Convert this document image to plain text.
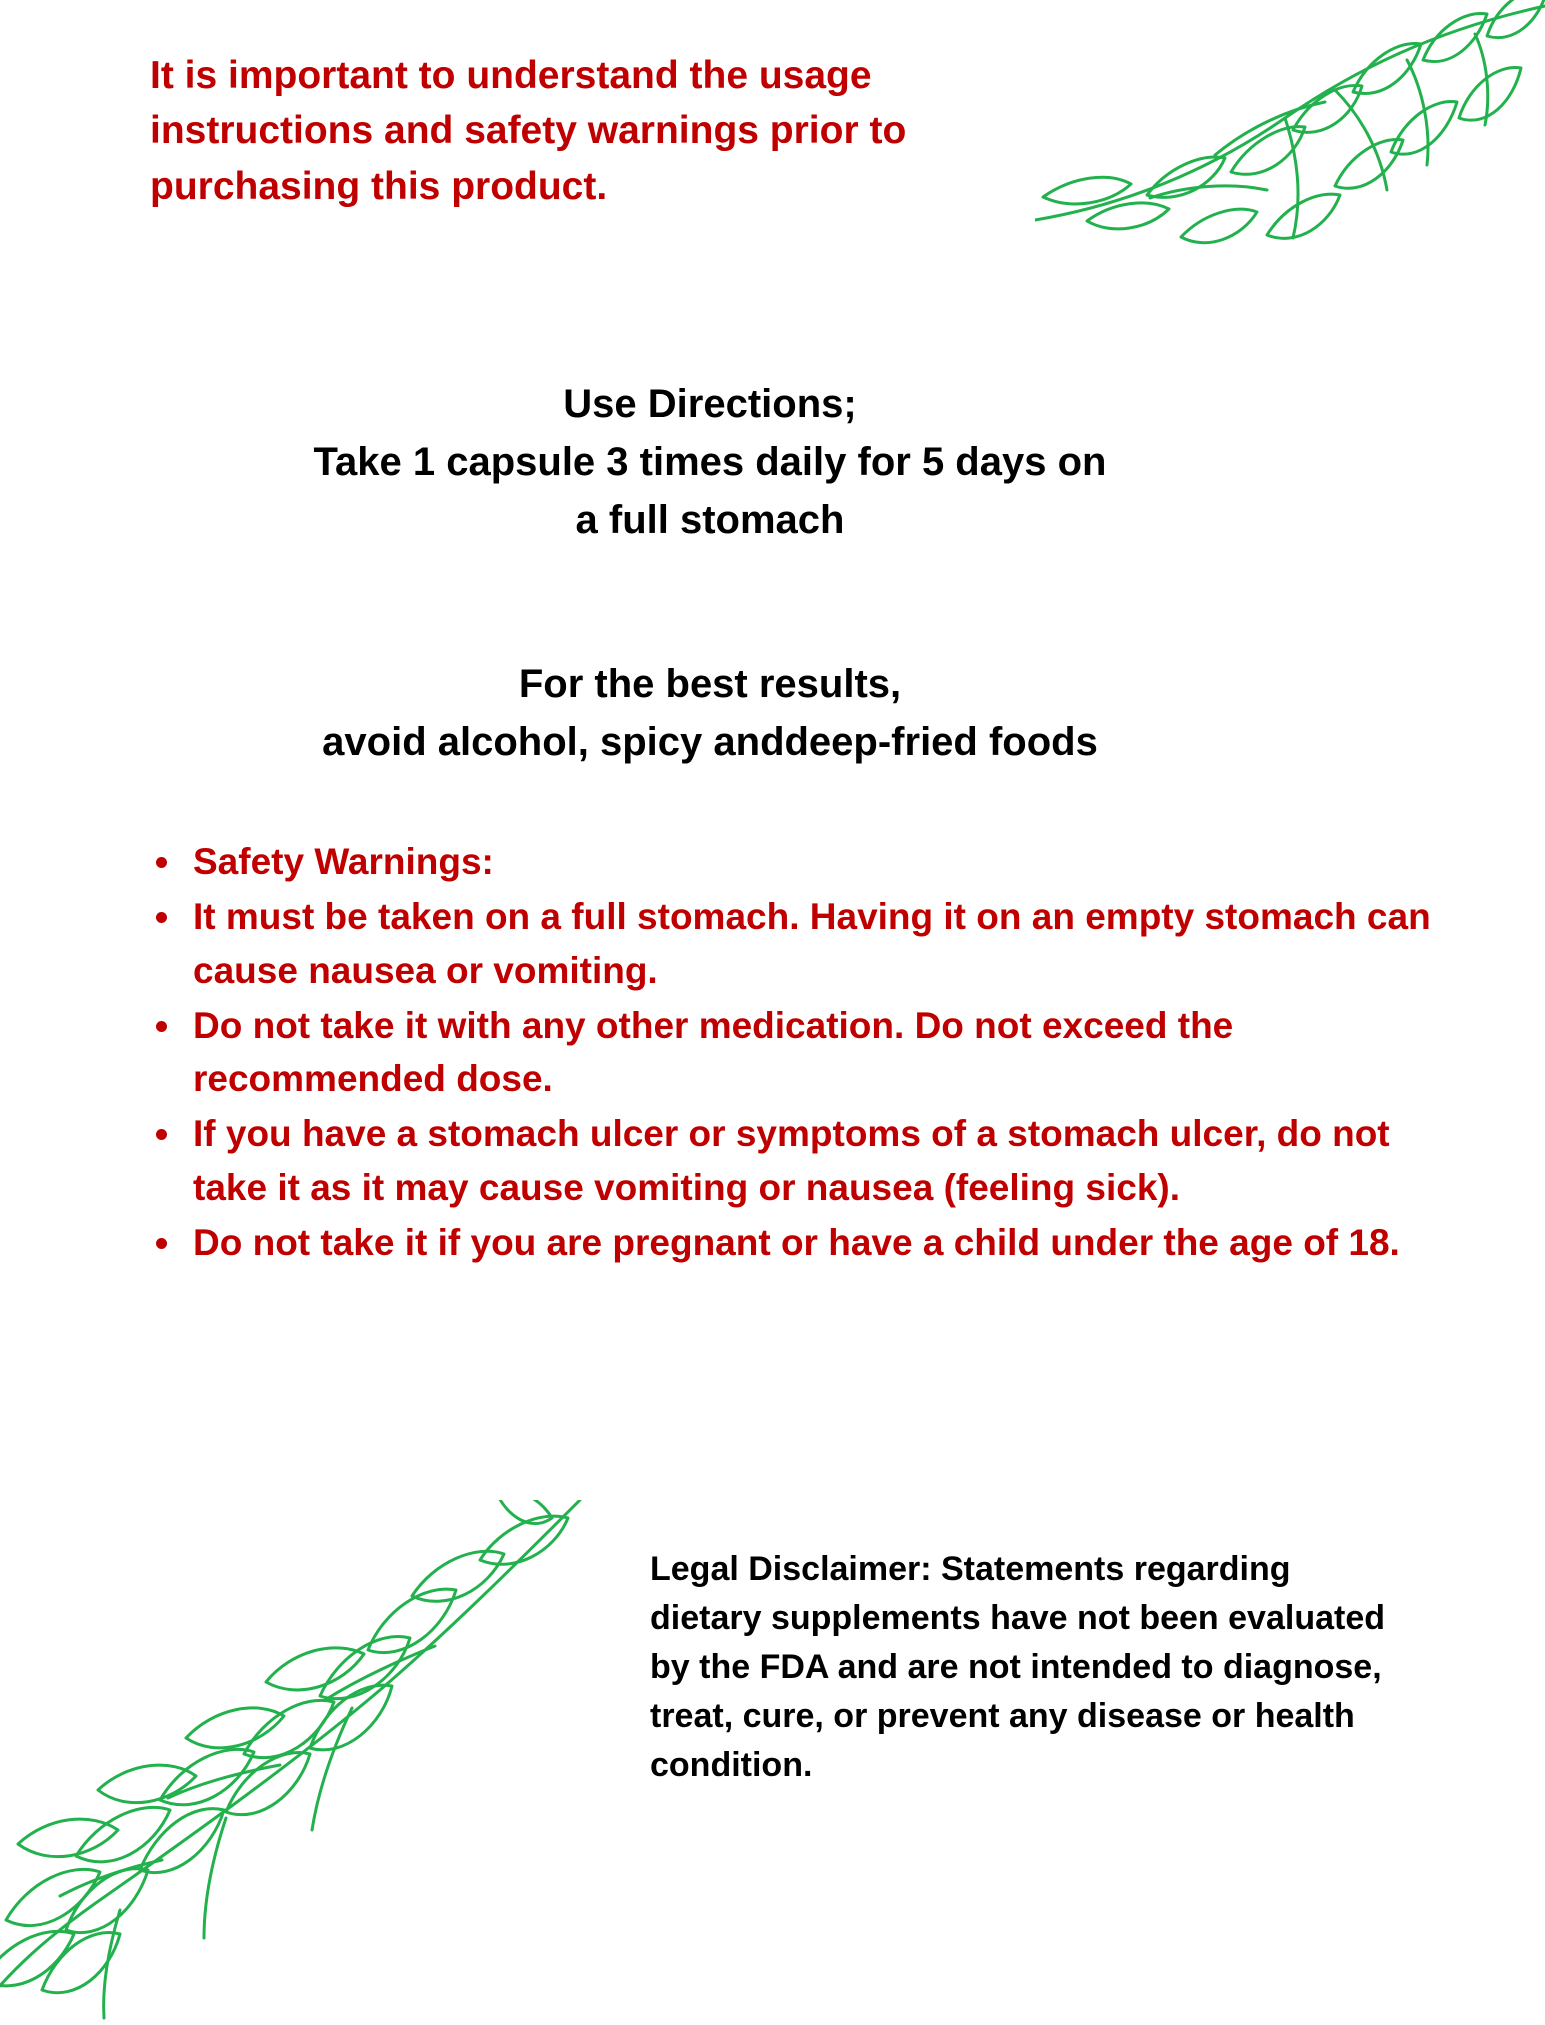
It is important to understand the usage instructions and safety warnings prior to purchasing this product.
Use Directions;
Take 1 capsule 3 times daily for 5 days on
a full stomach
For the best results,
avoid alcohol, spicy anddeep-fried foods
• Safety Warnings:
• It must be taken on a full stomach. Having it on an empty stomach can cause nausea or vomiting.
• Do not take it with any other medication. Do not exceed the recommended dose.
• If you have a stomach ulcer or symptoms of a stomach ulcer, do not take it as it may cause vomiting or nausea (feeling sick).
• Do not take it if you are pregnant or have a child under the age of 18.
Legal Disclaimer: Statements regarding dietary supplements have not been evaluated by the FDA and are not intended to diagnose, treat, cure, or prevent any disease or health condition.
